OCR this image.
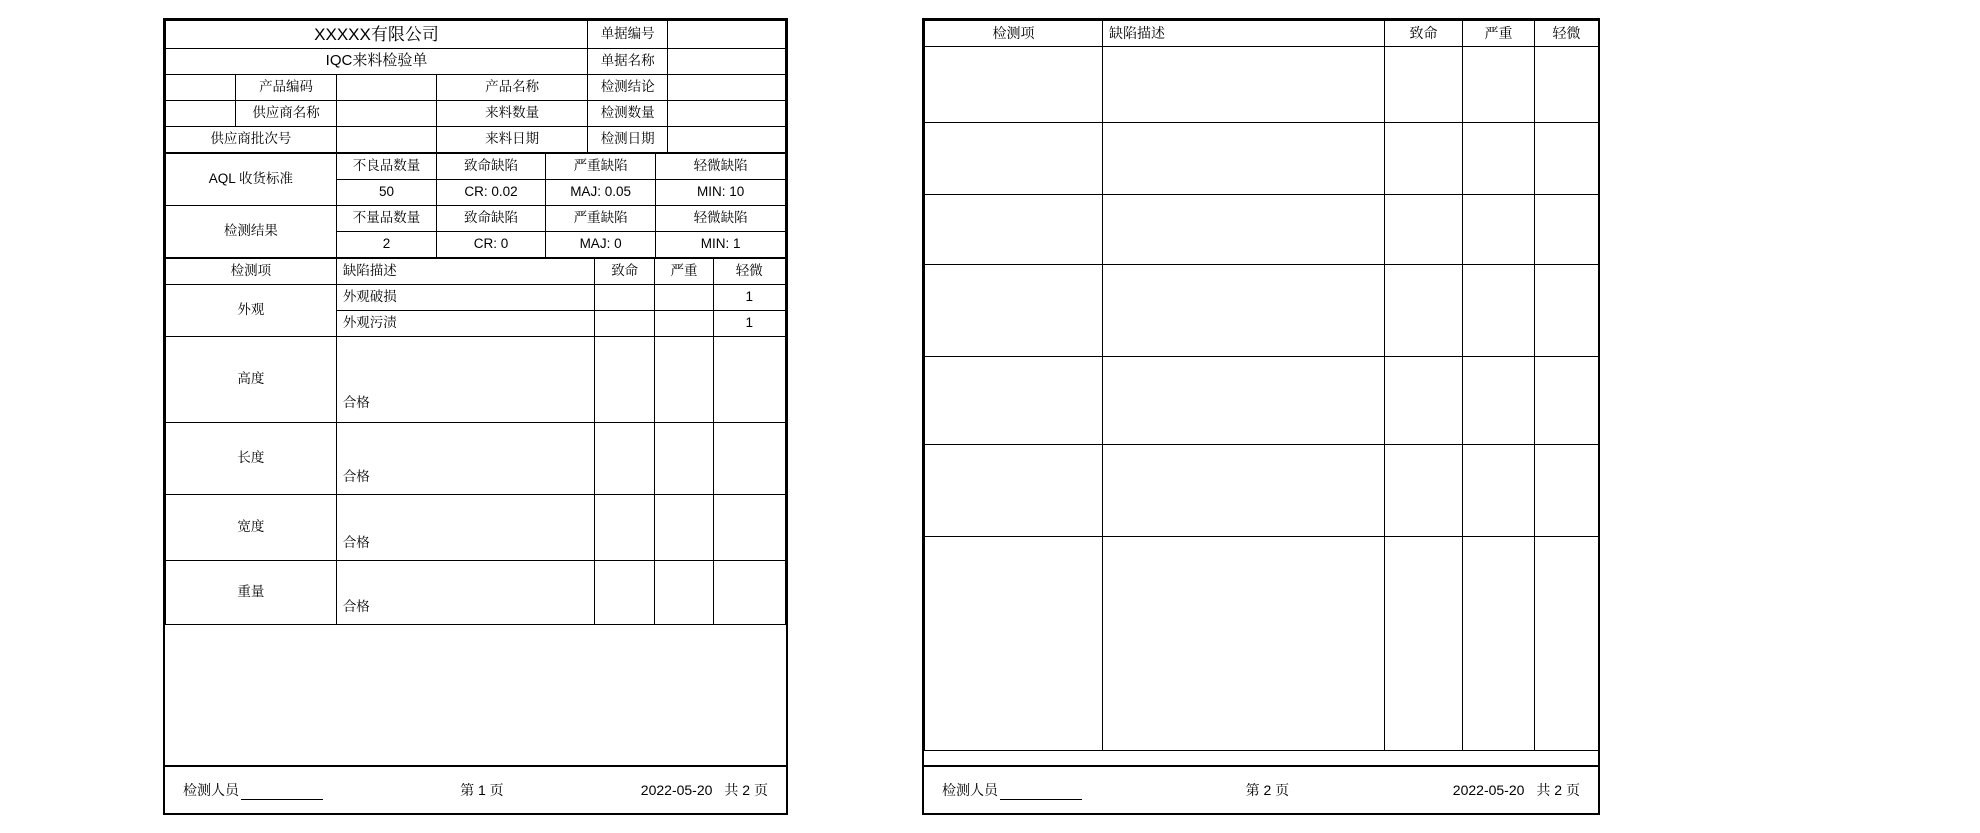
XXXXX有限公司				单据编号	
IQC来料检验单				单据名称	
	产品编码		产品名称	检测结论	
	供应商名称		来料数量	检测数量	
供应商批次号			来料日期	检测日期	
AQL 收货标准	不良品数量	致命缺陷	严重缺陷	轻微缺陷
	50	CR: 0.02	MAJ: 0.05	MIN: 10
检测结果	不量品数量	致命缺陷	严重缺陷	轻微缺陷
	2	CR: 0	MAJ: 0	MIN: 1
检测项	缺陷描述	致命	严重	轻微
外观	外观破损			1
	外观污渍			1
高度	合格			
长度	合格			
宽度	合格			
重量	合格			
检测人员	第 1 页	2022-05-20 共 2 页
检测项	缺陷描述	致命	严重	轻微

检测人员	第 2 页	2022-05-20 共 2 页
